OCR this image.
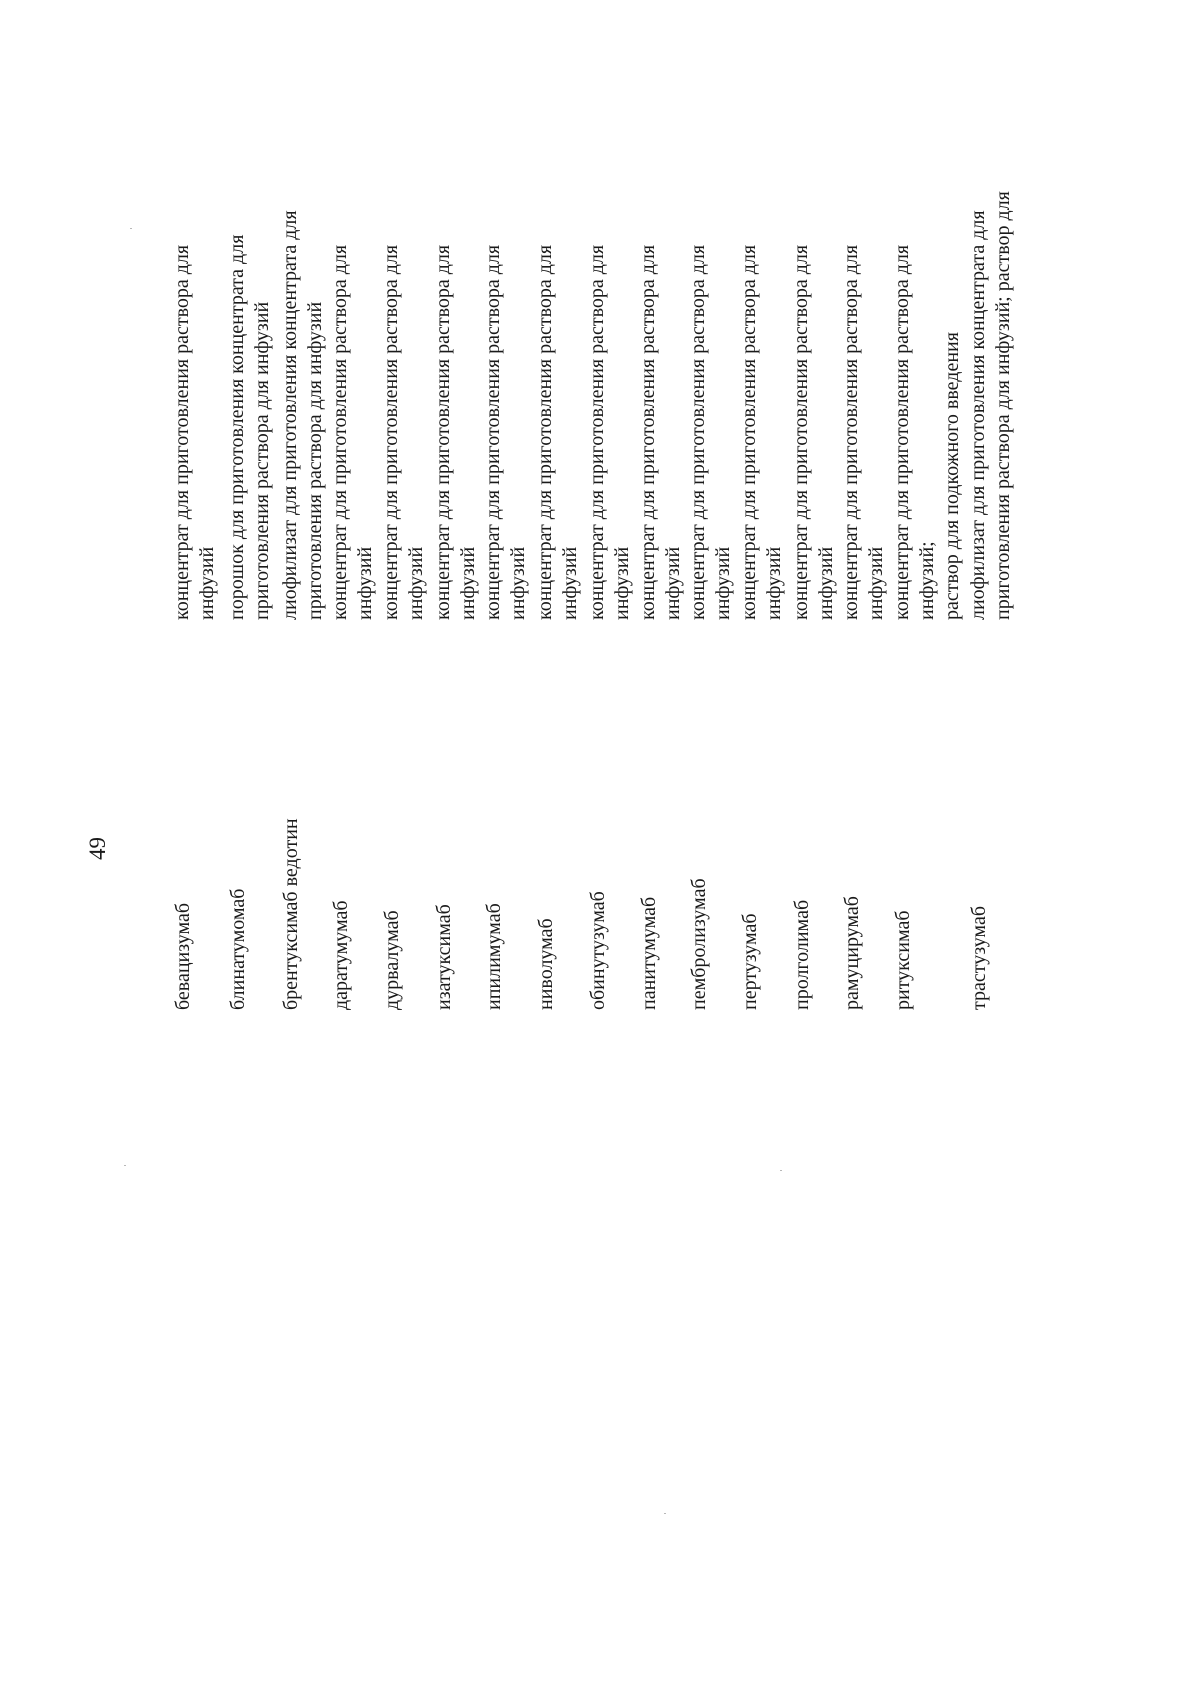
49
бевацизумаб блинатумомаб брентуксимаб ведотин даратумумаб дурвалумаб изатуксимаб ипилимумаб ниволумаб обинутузумаб панитумумаб пембролизумаб пертузумаб пролголимаб рамуцирумаб ритуксимаб	трастузумаб
концентрат для приготовления раствора для инфузий порошок для приготовления концентрата для приготовления раствора для инфузий лиофилизат для приготовления концентрата для приготовления раствора для инфузий концентрат для приготовления раствора для инфузий концентрат для приготовления раствора для инфузий концентрат для приготовления раствора для инфузий концентрат для приготовления раствора для инфузий концентрат для приготовления раствора для инфузий концентрат для приготовления раствора для инфузий концентрат для приготовления раствора для инфузий концентрат для приготовления раствора для инфузий концентрат для приготовления раствора для инфузий концентрат для приготовления раствора для инфузий концентрат для приготовления раствора для инфузий концентрат для приготовления раствора для инфузий; раствор для подкожного введения лиофилизат для приготовления концентрата для приготовления раствора для инфузий; раствор для
